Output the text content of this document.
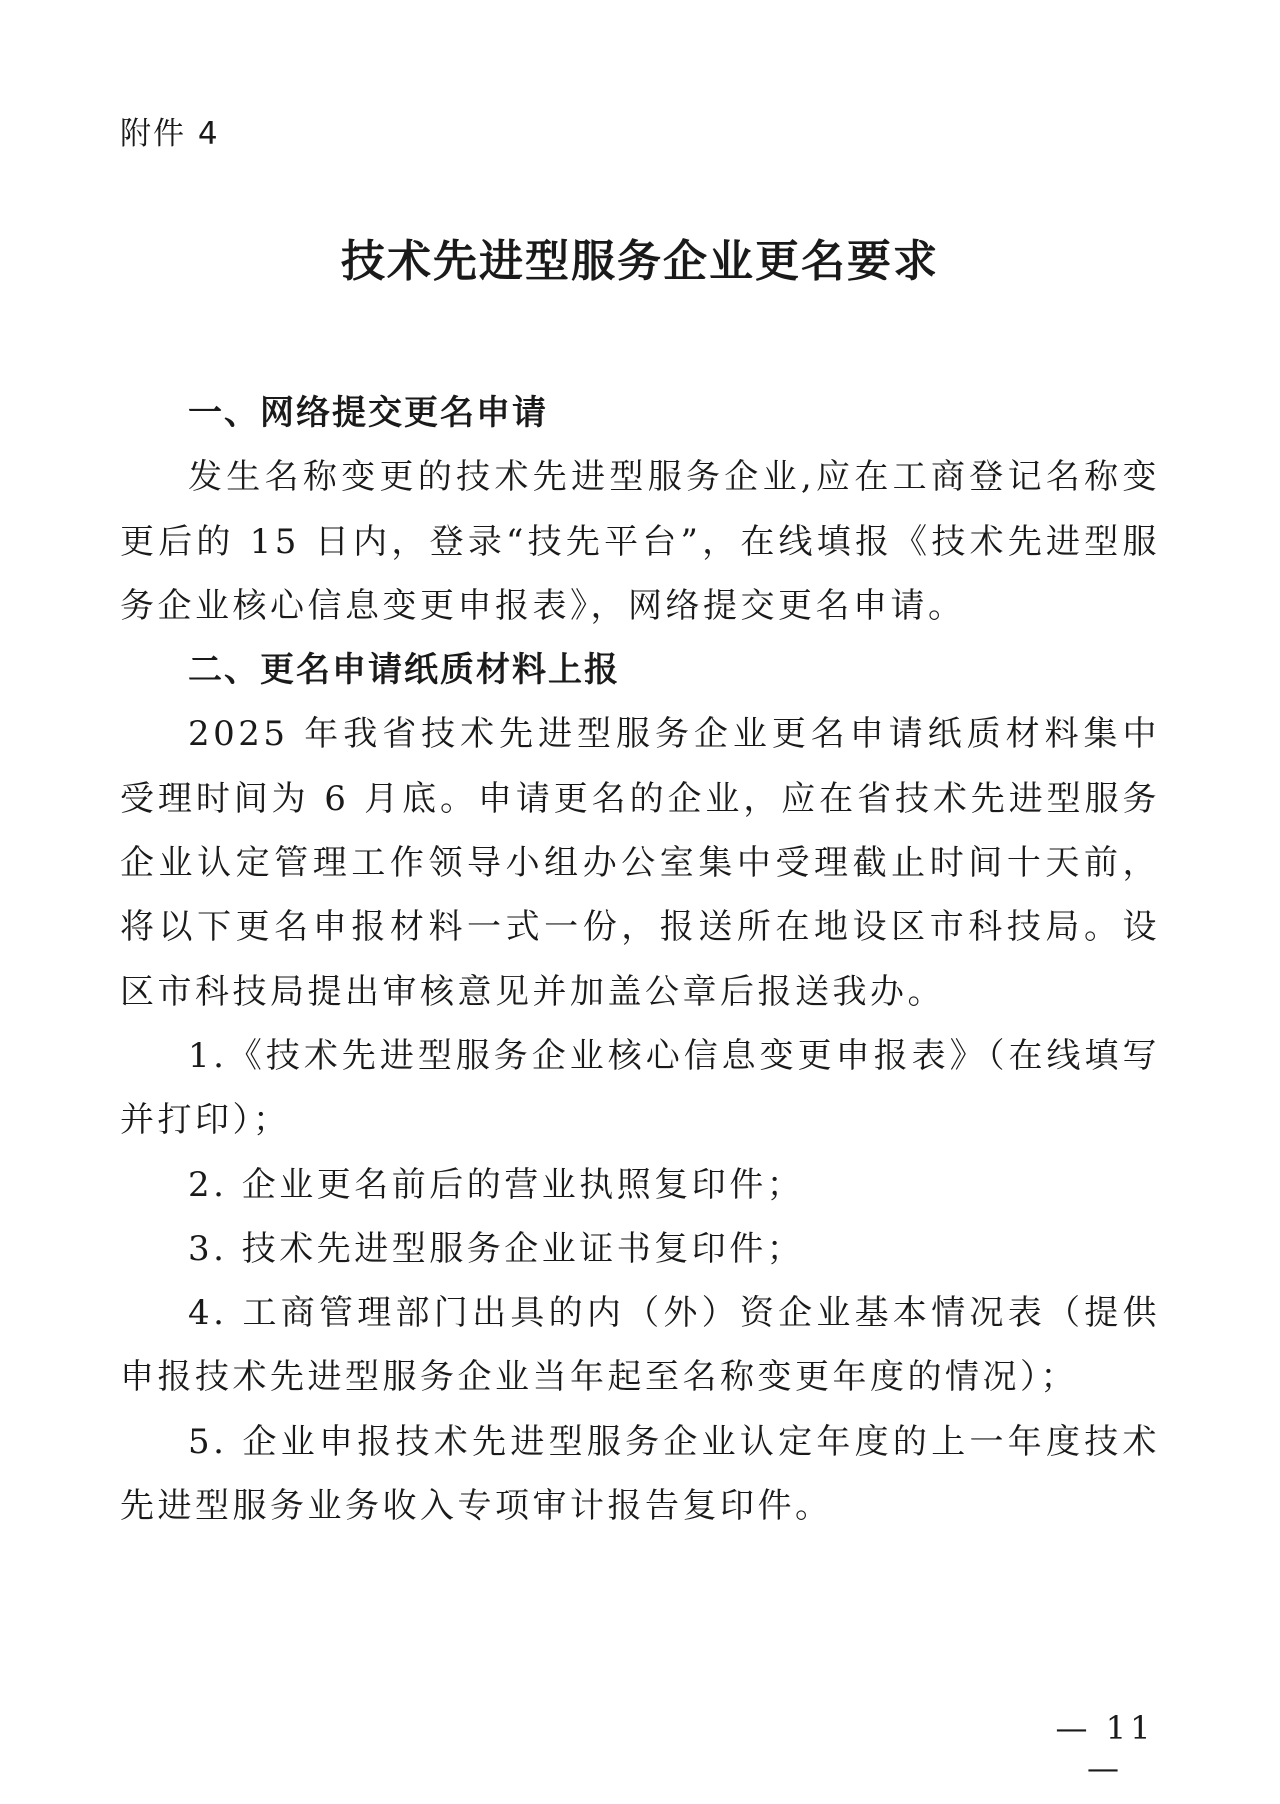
附件 4
技术先进型服务企业更名要求

一、网络提交更名申请

发生名称变更的技术先进型服务企业,应在工商登记名称变更后的 15 日内，登录“技先平台”，在线填报《技术先进型服务企业核心信息变更申报表》，网络提交更名申请。

二、更名申请纸质材料上报

2025 年我省技术先进型服务企业更名申请纸质材料集中受理时间为 6 月底。申请更名的企业，应在省技术先进型服务企业认定管理工作领导小组办公室集中受理截止时间十天前，将以下更名申报材料一式一份，报送所在地设区市科技局。设区市科技局提出审核意见并加盖公章后报送我办。

1.《技术先进型服务企业核心信息变更申报表》（在线填写并打印）；

2. 企业更名前后的营业执照复印件；

3. 技术先进型服务企业证书复印件；

4. 工商管理部门出具的内（外）资企业基本情况表（提供申报技术先进型服务企业当年起至名称变更年度的情况）；

5. 企业申报技术先进型服务企业认定年度的上一年度技术先进型服务业务收入专项审计报告复印件。

— 11 —
